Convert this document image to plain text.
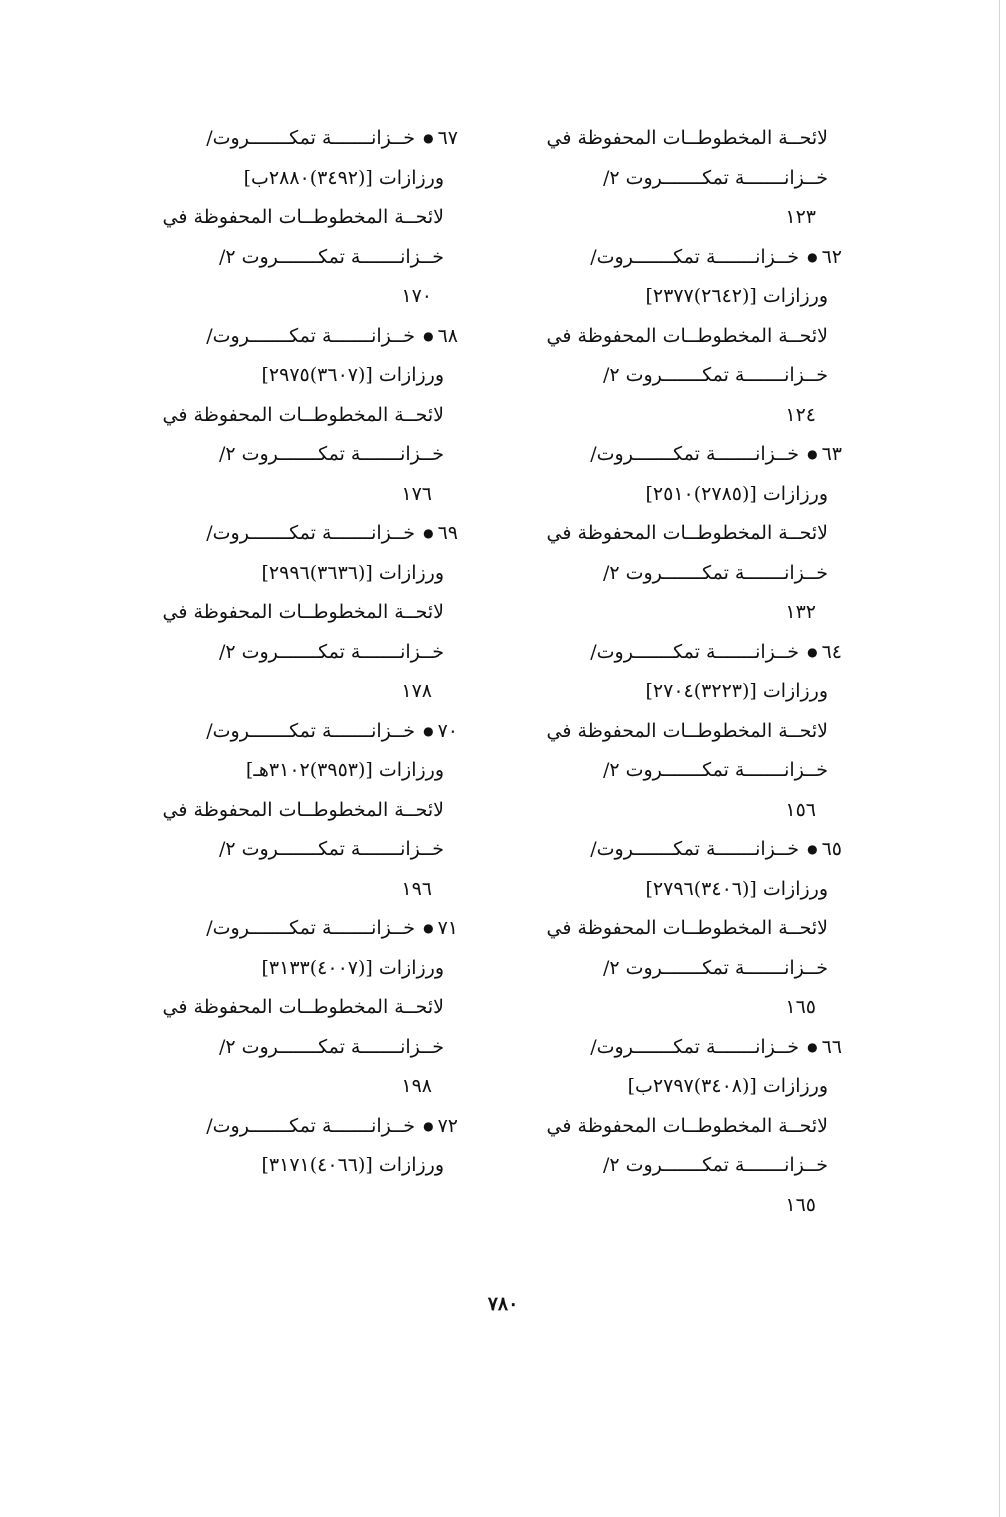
لائحــة المخطوطــات المحفوظة في
خــزانـــــــة تمكـــــــروت ٢/
١٢٣
٦٢● خــزانـــــــة تمكـــــــروت/
ورزازات [(٢٦٤٢)٢٣٧٧]
لائحــة المخطوطــات المحفوظة في
خــزانـــــــة تمكـــــــروت ٢/
١٢٤
٦٣● خــزانـــــــة تمكـــــــروت/
ورزازات [(٢٧٨٥)٢٥١٠]
لائحــة المخطوطــات المحفوظة في
خــزانـــــــة تمكـــــــروت ٢/
١٣٢
٦٤● خــزانـــــــة تمكـــــــروت/
ورزازات [(٣٢٢٣)٢٧٠٤]
لائحــة المخطوطــات المحفوظة في
خــزانـــــــة تمكـــــــروت ٢/
١٥٦
٦٥● خــزانـــــــة تمكـــــــروت/
ورزازات [(٣٤٠٦)٢٧٩٦]
لائحــة المخطوطــات المحفوظة في
خــزانـــــــة تمكـــــــروت ٢/
١٦٥
٦٦● خــزانـــــــة تمكـــــــروت/
ورزازات [(٣٤٠٨)٢٧٩٧ب]
لائحــة المخطوطــات المحفوظة في
خــزانـــــــة تمكـــــــروت ٢/
١٦٥
٦٧● خــزانـــــــة تمكـــــــروت/
ورزازات [(٣٤٩٢)٢٨٨٠ب]
لائحــة المخطوطــات المحفوظة في
خــزانـــــــة تمكـــــــروت ٢/
١٧٠
٦٨● خــزانـــــــة تمكـــــــروت/
ورزازات [(٣٦٠٧)٢٩٧٥]
لائحــة المخطوطــات المحفوظة في
خــزانـــــــة تمكـــــــروت ٢/
١٧٦
٦٩● خــزانـــــــة تمكـــــــروت/
ورزازات [(٣٦٣٦)٢٩٩٦]
لائحــة المخطوطــات المحفوظة في
خــزانـــــــة تمكـــــــروت ٢/
١٧٨
٧٠● خــزانـــــــة تمكـــــــروت/
ورزازات [(٣٩٥٣)٣١٠٢هـ]
لائحــة المخطوطــات المحفوظة في
خــزانـــــــة تمكـــــــروت ٢/
١٩٦
٧١● خــزانـــــــة تمكـــــــروت/
ورزازات [(٤٠٠٧)٣١٣٣]
لائحــة المخطوطــات المحفوظة في
خــزانـــــــة تمكـــــــروت ٢/
١٩٨
٧٢● خــزانـــــــة تمكـــــــروت/
ورزازات [(٤٠٦٦)٣١٧١]
٧٨٠
